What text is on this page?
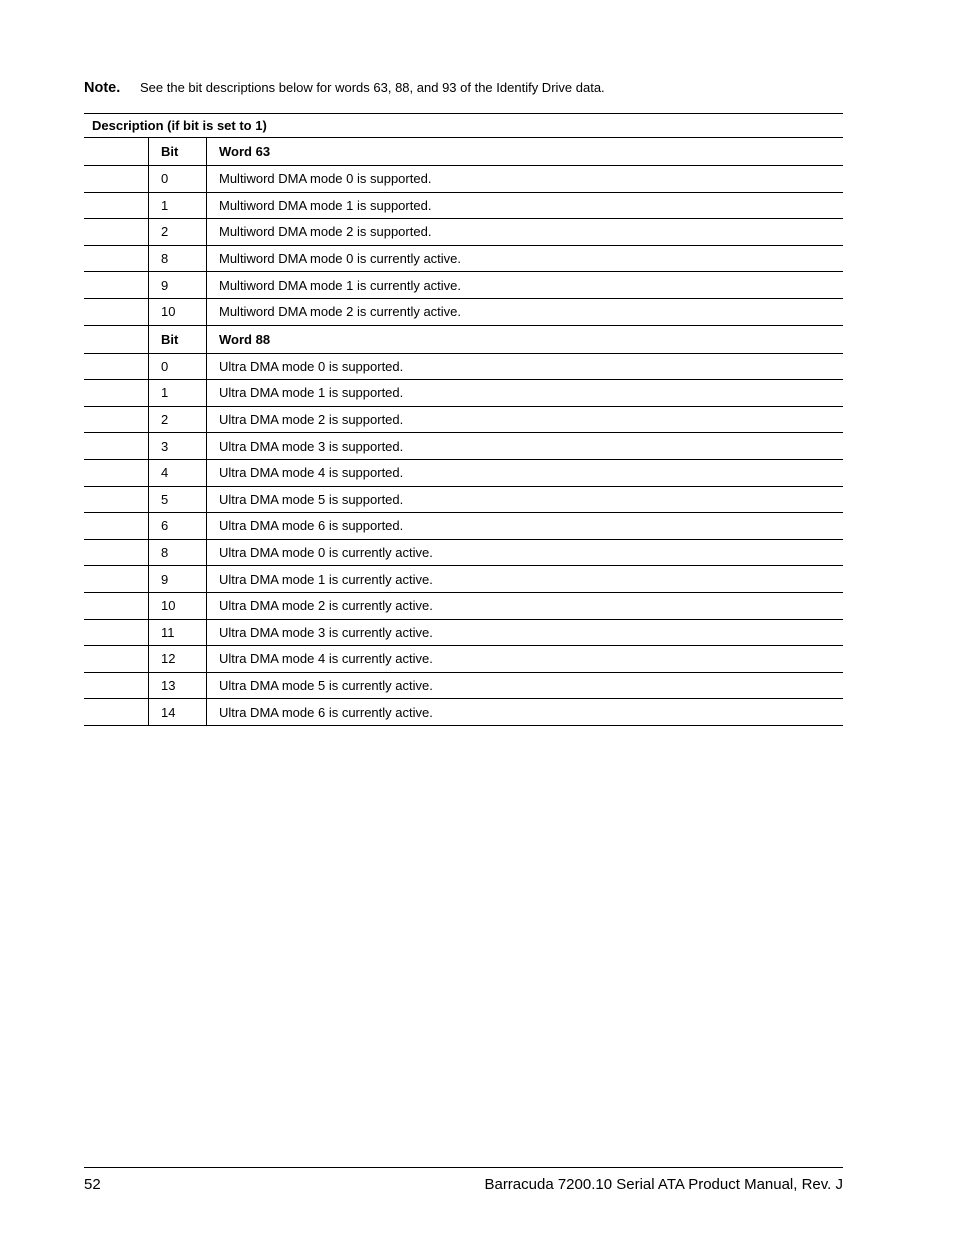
Note. See the bit descriptions below for words 63, 88, and 93 of the Identify Drive data.
Description (if bit is set to 1)
Bit	Word 63
0	Multiword DMA mode 0 is supported.
1	Multiword DMA mode 1 is supported.
2	Multiword DMA mode 2 is supported.
8	Multiword DMA mode 0 is currently active.
9	Multiword DMA mode 1 is currently active.
10	Multiword DMA mode 2 is currently active.
Bit	Word 88
0	Ultra DMA mode 0 is supported.
1	Ultra DMA mode 1 is supported.
2	Ultra DMA mode 2 is supported.
3	Ultra DMA mode 3 is supported.
4	Ultra DMA mode 4 is supported.
5	Ultra DMA mode 5 is supported.
6	Ultra DMA mode 6 is supported.
8	Ultra DMA mode 0 is currently active.
9	Ultra DMA mode 1 is currently active.
10	Ultra DMA mode 2 is currently active.
11	Ultra DMA mode 3 is currently active.
12	Ultra DMA mode 4 is currently active.
13	Ultra DMA mode 5 is currently active.
14	Ultra DMA mode 6 is currently active.
52	Barracuda 7200.10 Serial ATA Product Manual, Rev. J
